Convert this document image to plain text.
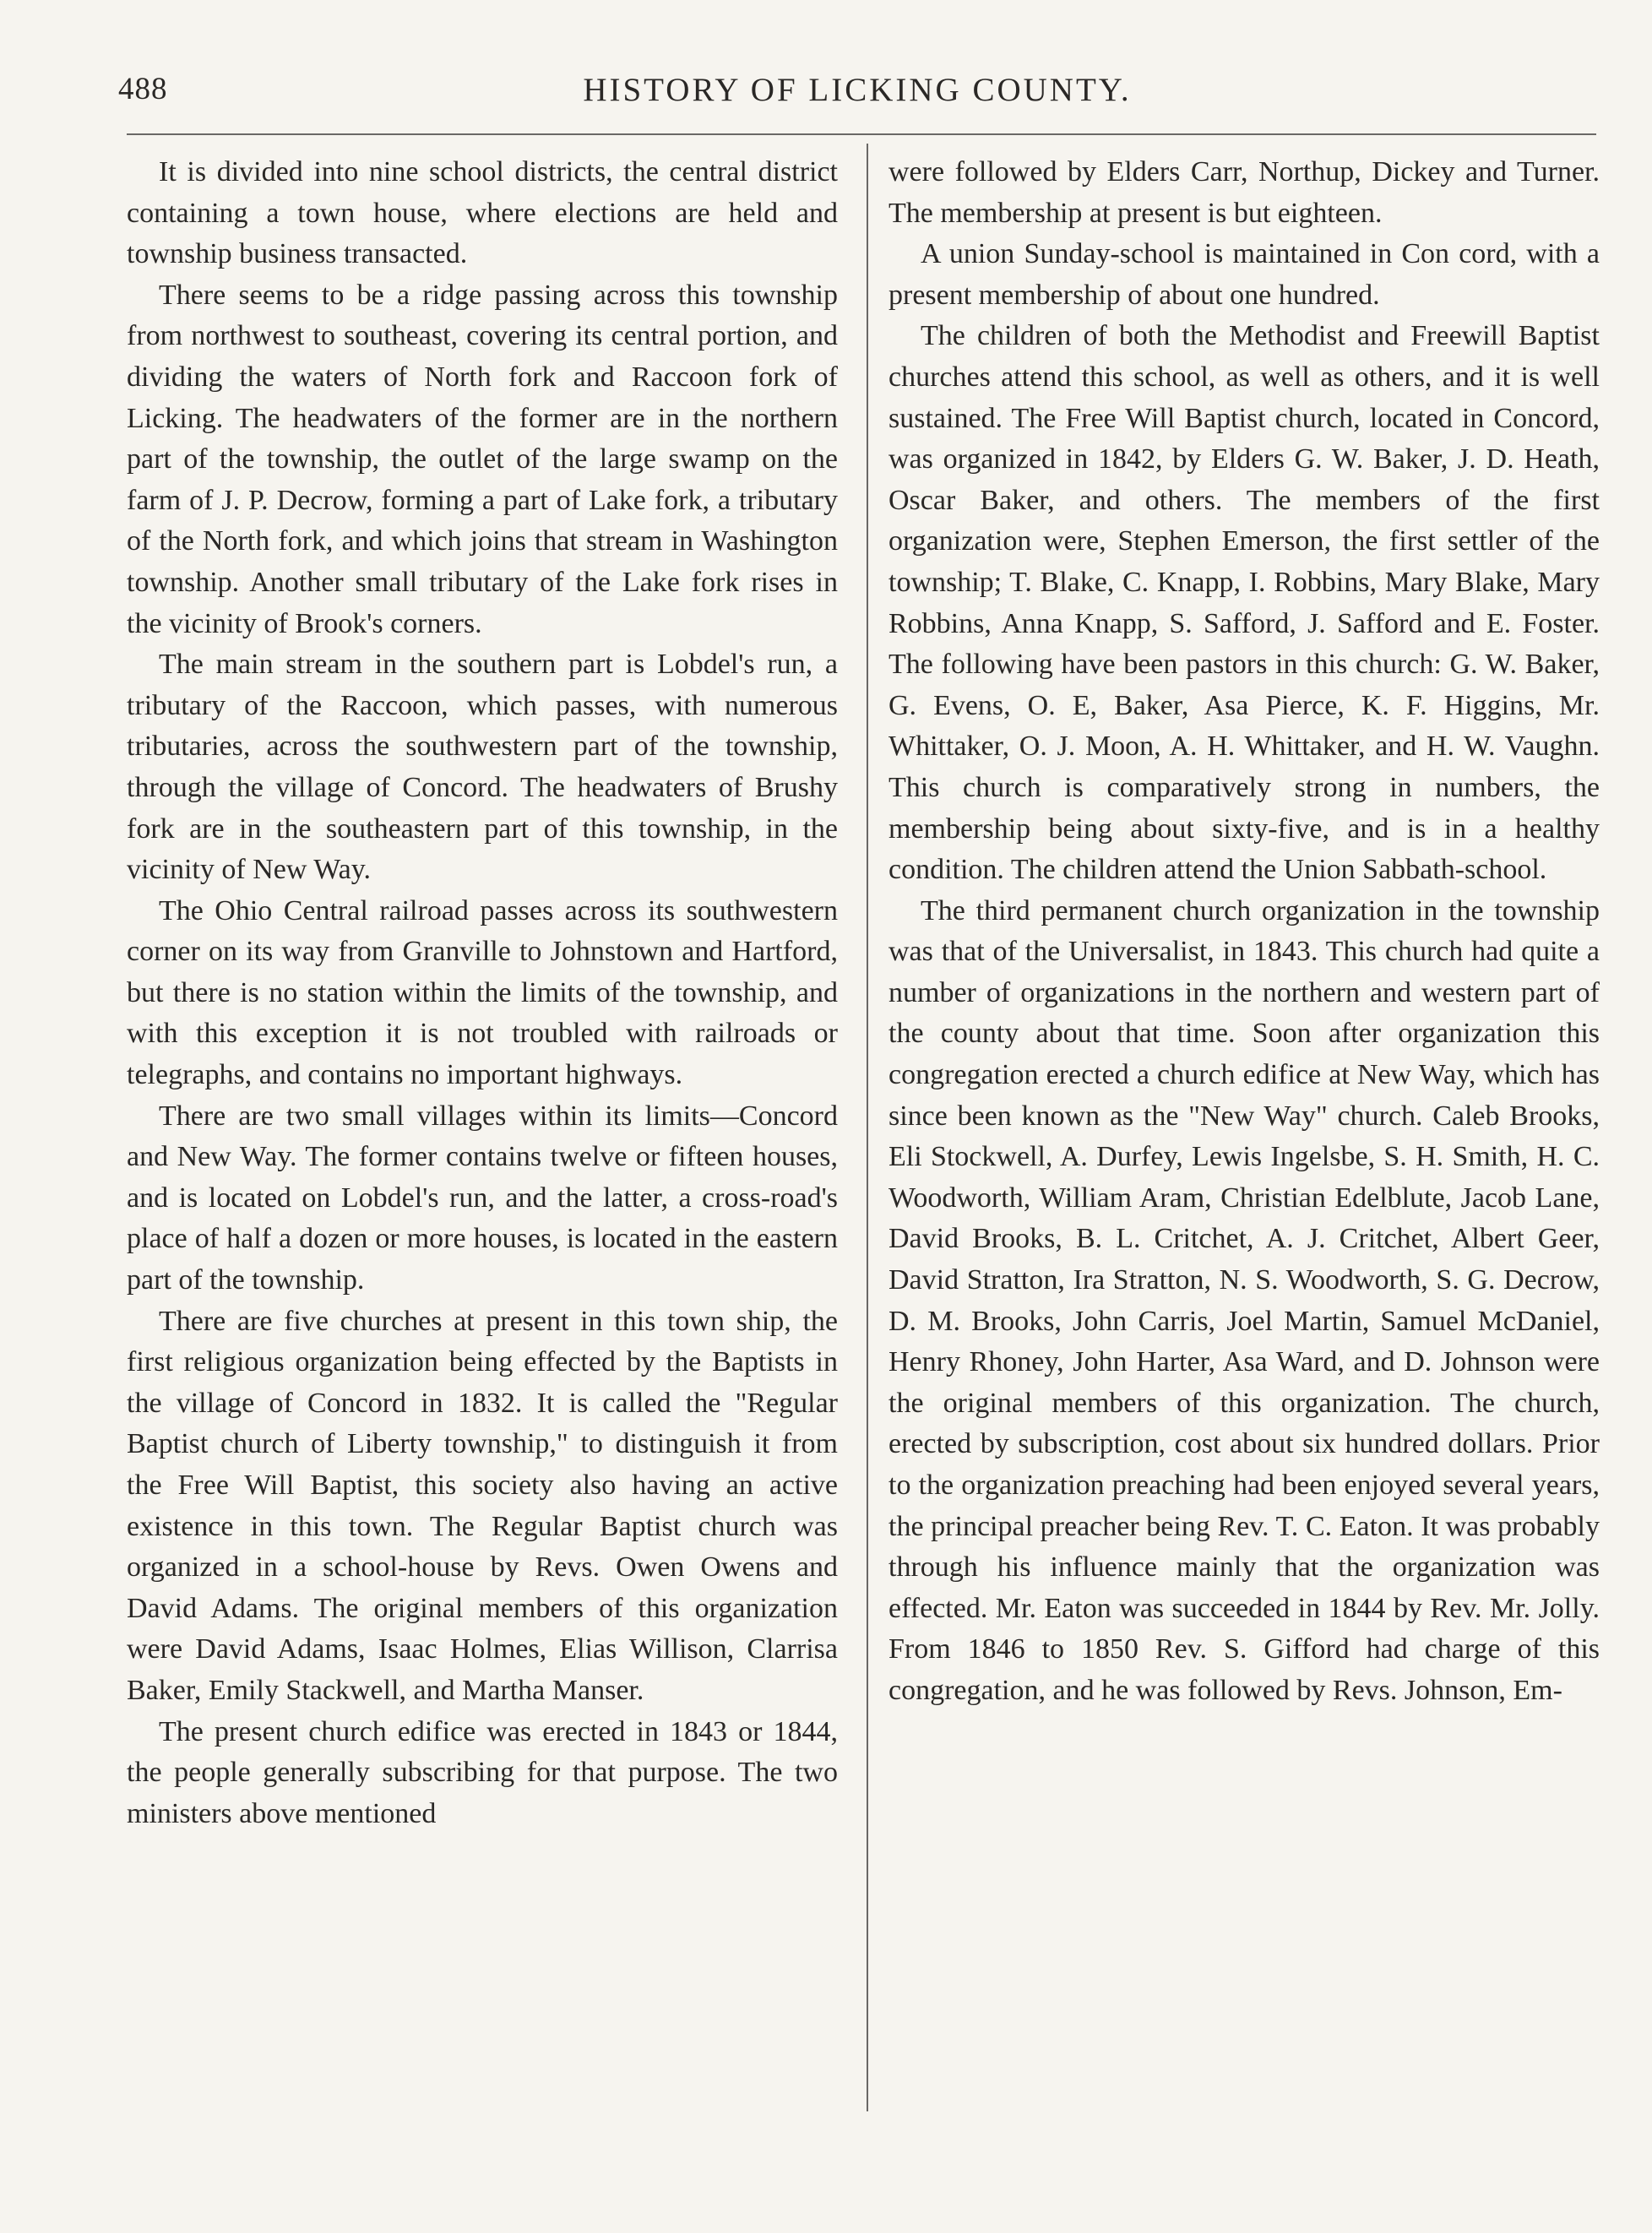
488	HISTORY OF LICKING COUNTY.

It is divided into nine school districts, the central district containing a town house, where elections are held and township business transacted.

There seems to be a ridge passing across this township from northwest to southeast, covering its central portion, and dividing the waters of North fork and Raccoon fork of Licking. The headwaters of the former are in the northern part of the township, the outlet of the large swamp on the farm of J. P. Decrow, forming a part of Lake fork, a tributary of the North fork, and which joins that stream in Washington township. Another small tributary of the Lake fork rises in the vicinity of Brook's corners.

The main stream in the southern part is Lobdel's run, a tributary of the Raccoon, which passes, with numerous tributaries, across the southwestern part of the township, through the village of Concord. The headwaters of Brushy fork are in the southeastern part of this township, in the vicinity of New Way.

The Ohio Central railroad passes across its southwestern corner on its way from Granville to Johnstown and Hartford, but there is no station within the limits of the township, and with this exception it is not troubled with railroads or telegraphs, and contains no important highways.

There are two small villages within its limits—Concord and New Way. The former contains twelve or fifteen houses, and is located on Lobdel's run, and the latter, a cross-road's place of half a dozen or more houses, is located in the eastern part of the township.

There are five churches at present in this town ship, the first religious organization being effected by the Baptists in the village of Concord in 1832. It is called the "Regular Baptist church of Liberty township," to distinguish it from the Free Will Baptist, this society also having an active existence in this town. The Regular Baptist church was organized in a school-house by Revs. Owen Owens and David Adams. The original members of this organization were David Adams, Isaac Holmes, Elias Willison, Clarrisa Baker, Emily Stackwell, and Martha Manser.

The present church edifice was erected in 1843 or 1844, the people generally subscribing for that purpose. The two ministers above mentioned

were followed by Elders Carr, Northup, Dickey and Turner. The membership at present is but eighteen.

A union Sunday-school is maintained in Con cord, with a present membership of about one hundred.

The children of both the Methodist and Freewill Baptist churches attend this school, as well as others, and it is well sustained. The Free Will Baptist church, located in Concord, was organized in 1842, by Elders G. W. Baker, J. D. Heath, Oscar Baker, and others. The members of the first organization were, Stephen Emerson, the first settler of the township; T. Blake, C. Knapp, I. Robbins, Mary Blake, Mary Robbins, Anna Knapp, S. Safford, J. Safford and E. Foster. The following have been pastors in this church: G. W. Baker, G. Evens, O. E, Baker, Asa Pierce, K. F. Higgins, Mr. Whittaker, O. J. Moon, A. H. Whittaker, and H. W. Vaughn. This church is comparatively strong in numbers, the membership being about sixty-five, and is in a healthy condition. The children attend the Union Sabbath-school.

The third permanent church organization in the township was that of the Universalist, in 1843. This church had quite a number of organizations in the northern and western part of the county about that time. Soon after organization this congregation erected a church edifice at New Way, which has since been known as the "New Way" church. Caleb Brooks, Eli Stockwell, A. Durfey, Lewis Ingelsbe, S. H. Smith, H. C. Woodworth, William Aram, Christian Edelblute, Jacob Lane, David Brooks, B. L. Critchet, A. J. Critchet, Albert Geer, David Stratton, Ira Stratton, N. S. Woodworth, S. G. Decrow, D. M. Brooks, John Carris, Joel Martin, Samuel McDaniel, Henry Rhoney, John Harter, Asa Ward, and D. Johnson were the original members of this organization. The church, erected by subscription, cost about six hundred dollars. Prior to the organization preaching had been enjoyed several years, the principal preacher being Rev. T. C. Eaton. It was probably through his influence mainly that the organization was effected. Mr. Eaton was succeeded in 1844 by Rev. Mr. Jolly. From 1846 to 1850 Rev. S. Gifford had charge of this congregation, and he was followed by Revs. Johnson, Em-
